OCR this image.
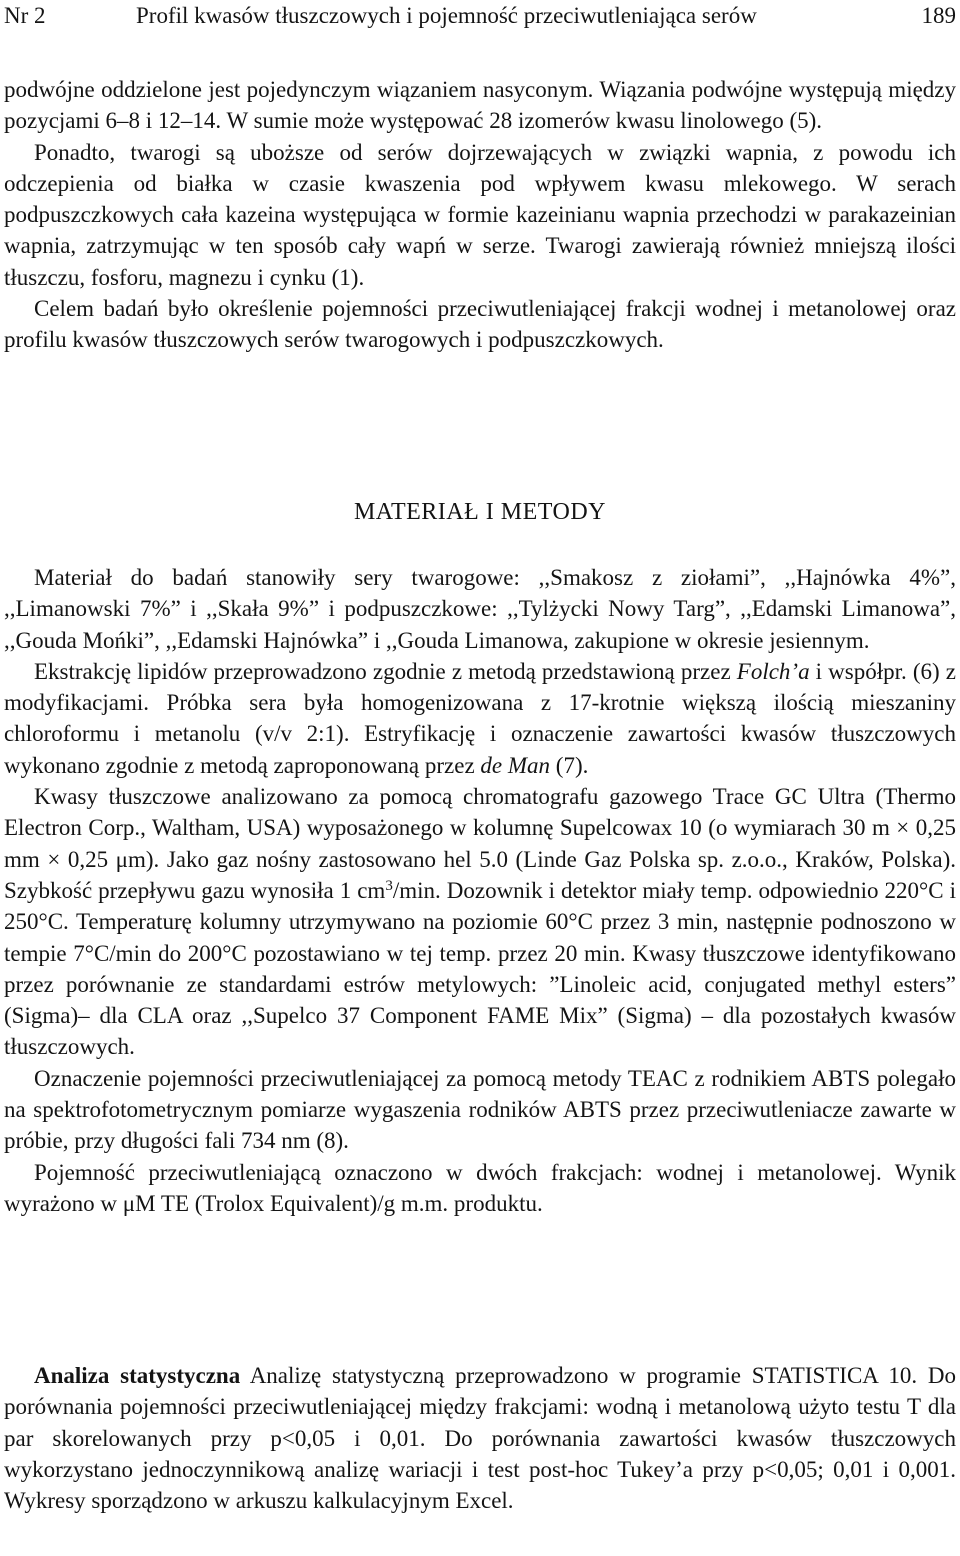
Nr 2	Profil kwasów tłuszczowych i pojemność przeciwutleniająca serów	189

podwójne oddzielone jest pojedynczym wiązaniem nasyconym. Wiązania podwójne występują między pozycjami 6–8 i 12–14. W sumie może występować 28 izomerów kwasu linolowego (5).

Ponadto, twarogi są uboższe od serów dojrzewających w związki wapnia, z powodu ich odczepienia od białka w czasie kwaszenia pod wpływem kwasu mlekowego. W serach podpuszczkowych cała kazeina występująca w formie kazeinianu wapnia przechodzi w parakazeinian wapnia, zatrzymując w ten sposób cały wapń w serze. Twarogi zawierają również mniejszą ilości tłuszczu, fosforu, magnezu i cynku (1).

Celem badań było określenie pojemności przeciwutleniającej frakcji wodnej i metanolowej oraz profilu kwasów tłuszczowych serów twarogowych i podpuszczkowych.

MATERIAŁ I METODY

Materiał do badań stanowiły sery twarogowe: ,,Smakosz z ziołami”, ,,Hajnówka 4%”, ,,Limanowski 7%” i ,,Skała 9%” i podpuszczkowe: ,,Tylżycki Nowy Targ”, ,,Edamski Limanowa”, ,,Gouda Mońki”, ,,Edamski Hajnówka” i ,,Gouda Limanowa, zakupione w okresie jesiennym.

Ekstrakcję lipidów przeprowadzono zgodnie z metodą przedstawioną przez Folch’a i współpr. (6) z modyfikacjami. Próbka sera była homogenizowana z 17-krotnie większą ilością mieszaniny chloroformu i metanolu (v/v 2:1). Estryfikację i oznaczenie zawartości kwasów tłuszczowych wykonano zgodnie z metodą zaproponowaną przez de Man (7).

Kwasy tłuszczowe analizowano za pomocą chromatografu gazowego Trace GC Ultra (Thermo Electron Corp., Waltham, USA) wyposażonego w kolumnę Supelcowax 10 (o wymiarach 30 m × 0,25 mm × 0,25 μm). Jako gaz nośny zastosowano hel 5.0 (Linde Gaz Polska sp. z.o.o., Kraków, Polska). Szybkość przepływu gazu wynosiła 1 $cm^3/\min$. Dozownik i detektor miały temp. odpowiednio 220°C i 250°C. Temperaturę kolumny utrzymywano na poziomie 60°C przez 3 min, następnie podnoszono w tempie 7°C/min do 200°C pozostawiano w tej temp. przez 20 min. Kwasy tłuszczowe identyfikowano przez porównanie ze standardami estrów metylowych: ”Linoleic acid, conjugated methyl esters” (Sigma)– dla CLA oraz ,,Supelco 37 Component FAME Mix” (Sigma) – dla pozostałych kwasów tłuszczowych.

Oznaczenie pojemności przeciwutleniającej za pomocą metody TEAC z rodnikiem ABTS polegało na spektrofotometrycznym pomiarze wygaszenia rodników ABTS przez przeciwutleniacze zawarte w próbie, przy długości fali 734 nm (8).

Pojemność przeciwutleniającą oznaczono w dwóch frakcjach: wodnej i metanolowej. Wynik wyrażono w μM TE (Trolox Equivalent)/g m.m. produktu.

Analiza statystyczna Analizę statystyczną przeprowadzono w programie STATISTICA 10. Do porównania pojemności przeciwutleniającej między frakcjami: wodną i metanolową użyto testu T dla par skorelowanych przy p<0,05 i 0,01. Do porównania zawartości kwasów tłuszczowych wykorzystano jednoczynnikową analizę wariacji i test post-hoc Tukey’a przy p<0,05; 0,01 i 0,001. Wykresy sporządzono w arkuszu kalkulacyjnym Excel.
